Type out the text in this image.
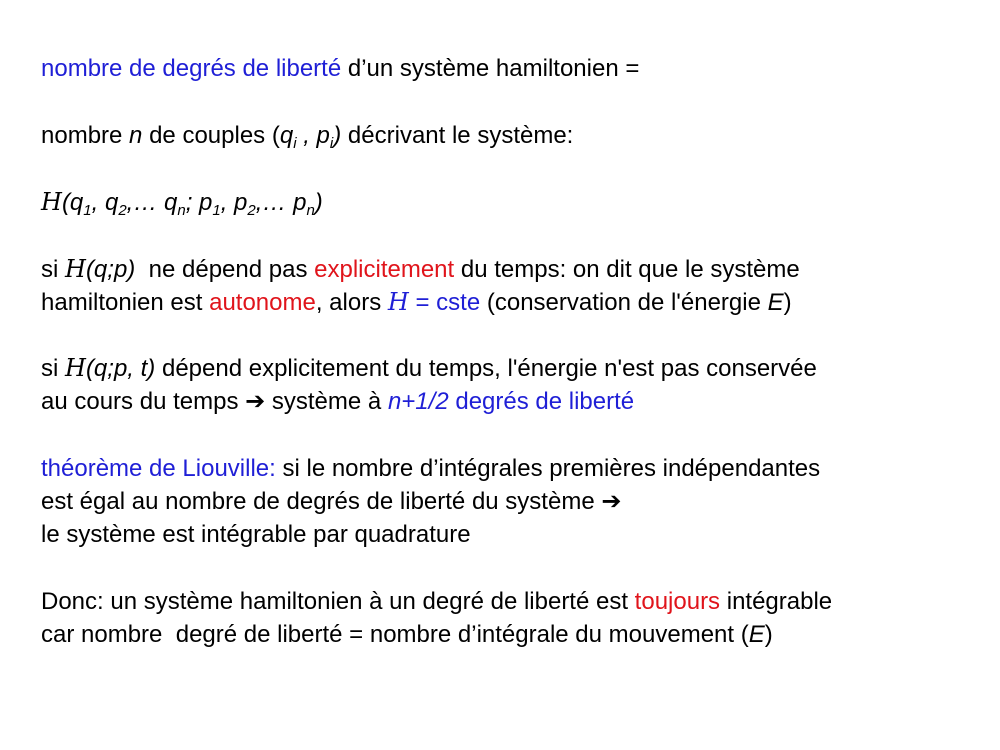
nombre de degrés de liberté d’un système hamiltonien =
nombre n de couples ($q_i$ , $p_i$) décrivant le système:
$H(q_1$, $q_2,\dots$ $q_n$; $p_1$, $p_2,\dots$ $p_n$)
si H(q;p)  ne dépend pas explicitement du temps: on dit que le système
hamiltonien est autonome, alors H = cste (conservation de l'énergie E)
si H(q;p, t) dépend explicitement du temps, l'énergie n'est pas conservée
au cours du temps ➔ système à n+1/2 degrés de liberté
théorème de Liouville: si le nombre d’intégrales premières indépendantes
est égal au nombre de degrés de liberté du système ➔
le système est intégrable par quadrature
Donc: un système hamiltonien à un degré de liberté est toujours intégrable
car nombre  degré de liberté = nombre d’intégrale du mouvement (E)
